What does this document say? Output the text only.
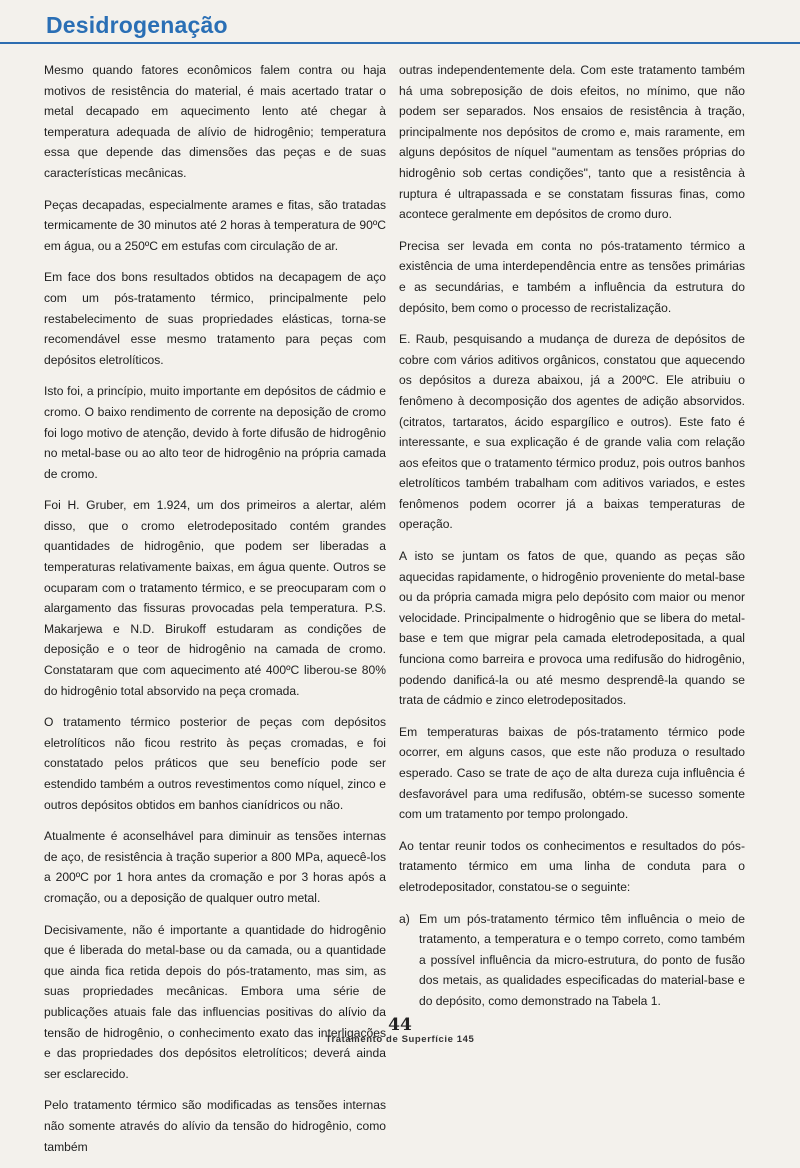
Desidrogenação

Mesmo quando fatores econômicos falem contra ou haja motivos de resistência do material, é mais acertado tratar o metal decapado em aquecimento lento até chegar à temperatura adequada de alívio de hidrogênio; temperatura essa que depende das dimensões das peças e de suas características mecânicas.

Peças decapadas, especialmente arames e fitas, são tratadas termicamente de 30 minutos até 2 horas à temperatura de 90ºC em água, ou a 250ºC em estufas com circulação de ar.

Em face dos bons resultados obtidos na decapagem de aço com um pós-tratamento térmico, principalmente pelo restabelecimento de suas propriedades elásticas, torna-se recomendável esse mesmo tratamento para peças com depósitos eletrolíticos.

Isto foi, a princípio, muito importante em depósitos de cádmio e cromo. O baixo rendimento de corrente na deposição de cromo foi logo motivo de atenção, devido à forte difusão de hidrogênio no metal-base ou ao alto teor de hidrogênio na própria camada de cromo.

Foi H. Gruber, em 1.924, um dos primeiros a alertar, além disso, que o cromo eletrodepositado contém grandes quantidades de hidrogênio, que podem ser liberadas a temperaturas relativamente baixas, em água quente. Outros se ocuparam com o tratamento térmico, e se preocuparam com o alargamento das fissuras provocadas pela temperatura. P.S. Makarjewa e N.D. Birukoff estudaram as condições de deposição e o teor de hidrogênio na camada de cromo. Constataram que com aquecimento até 400ºC liberou-se 80% do hidrogênio total absorvido na peça cromada.

O tratamento térmico posterior de peças com depósitos eletrolíticos não ficou restrito às peças cromadas, e foi constatado pelos práticos que seu benefício pode ser estendido também a outros revestimentos como níquel, zinco e outros depósitos obtidos em banhos cianídricos ou não.

Atualmente é aconselhável para diminuir as tensões internas de aço, de resistência à tração superior a 800 MPa, aquecê-los a 200ºC por 1 hora antes da cromação e por 3 horas após a cromação, ou a deposição de qualquer outro metal.

Decisivamente, não é importante a quantidade do hidrogênio que é liberada do metal-base ou da camada, ou a quantidade que ainda fica retida depois do pós-tratamento, mas sim, as suas propriedades mecânicas. Embora uma série de publicações atuais fale das influencias positivas do alívio da tensão de hidrogênio, o conhecimento exato das interligações e das propriedades dos depósitos eletrolíticos; deverá ainda ser esclarecido.

Pelo tratamento térmico são modificadas as tensões internas não somente através do alívio da tensão do hidrogênio, como também

outras independentemente dela. Com este tratamento também há uma sobreposição de dois efeitos, no mínimo, que não podem ser separados. Nos ensaios de resistência à tração, principalmente nos depósitos de cromo e, mais raramente, em alguns depósitos de níquel "aumentam as tensões próprias do hidrogênio sob certas condições", tanto que a resistência à ruptura é ultrapassada e se constatam fissuras finas, como acontece geralmente em depósitos de cromo duro.

Precisa ser levada em conta no pós-tratamento térmico a existência de uma interdependência entre as tensões primárias e as secundárias, e também a influência da estrutura do depósito, bem como o processo de recristalização.

E. Raub, pesquisando a mudança de dureza de depósitos de cobre com vários aditivos orgânicos, constatou que aquecendo os depósitos a dureza abaixou, já a 200ºC. Ele atribuiu o fenômeno à decomposição dos agentes de adição absorvidos. (citratos, tartaratos, ácido espargílico e outros). Este fato é interessante, e sua explicação é de grande valia com relação aos efeitos que o tratamento térmico produz, pois outros banhos eletrolíticos também trabalham com aditivos variados, e estes fenômenos podem ocorrer já a baixas temperaturas de operação.

A isto se juntam os fatos de que, quando as peças são aquecidas rapidamente, o hidrogênio proveniente do metal-base ou da própria camada migra pelo depósito com maior ou menor velocidade. Principalmente o hidrogênio que se libera do metal-base e tem que migrar pela camada eletrodepositada, a qual funciona como barreira e provoca uma redifusão do hidrogênio, podendo danificá-la ou até mesmo desprendê-la quando se trata de cádmio e zinco eletrodepositados.

Em temperaturas baixas de pós-tratamento térmico pode ocorrer, em alguns casos, que este não produza o resultado esperado. Caso se trate de aço de alta dureza cuja influência é desfavorável para uma redifusão, obtém-se sucesso somente com um tratamento por tempo prolongado.

Ao tentar reunir todos os conhecimentos e resultados do pós-tratamento térmico em uma linha de conduta para o eletrodepositador, constatou-se o seguinte:

a) Em um pós-tratamento térmico têm influência o meio de tratamento, a temperatura e o tempo correto, como também a possível influência da micro-estrutura, do ponto de fusão dos metais, as qualidades especificadas do material-base e do depósito, como demonstrado na Tabela 1.
44
Tratamento de Superfície 145
